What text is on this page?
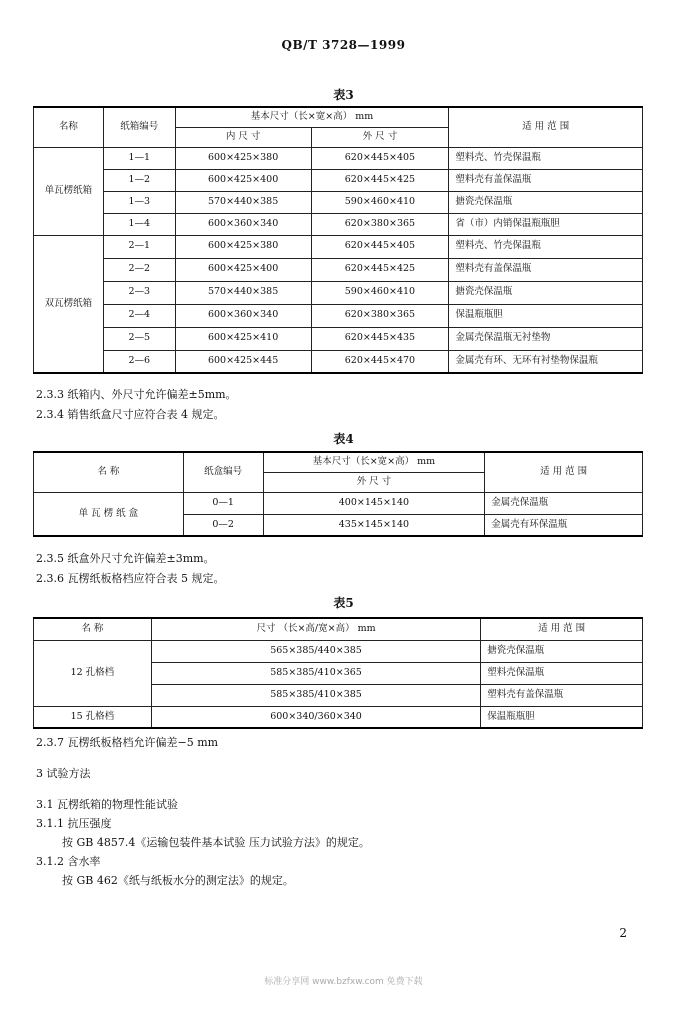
QB/T 3728—1999
表3
名称	纸箱编号	基本尺寸（长×宽×高） mm		适 用 范 围
		内 尺 寸	外 尺 寸	
单瓦楞纸箱	1—1	600×425×380	620×445×405	塑料壳、竹壳保温瓶
	1—2	600×425×400	620×445×425	塑料壳有盖保温瓶
	1—3	570×440×385	590×460×410	搪瓷壳保温瓶
	1—4	600×360×340	620×380×365	省（市）内销保温瓶瓶胆
双瓦楞纸箱	2—1	600×425×380	620×445×405	塑料壳、竹壳保温瓶
	2—2	600×425×400	620×445×425	塑料壳有盖保温瓶
	2—3	570×440×385	590×460×410	搪瓷壳保温瓶
	2—4	600×360×340	620×380×365	保温瓶瓶胆
	2—5	600×425×410	620×445×435	金属壳保温瓶无衬垫物
	2—6	600×425×445	620×445×470	金属壳有环、无环有衬垫物保温瓶
2.3.3 纸箱内、外尺寸允许偏差±5mm。
2.3.4 销售纸盒尺寸应符合表 4 规定。
表4
名 称	纸盒编号	基本尺寸（长×宽×高） mm	适 用 范 围
		外 尺 寸	
单 瓦 楞 纸 盒	0—1	400×145×140	金属壳保温瓶
	0—2	435×145×140	金属壳有环保温瓶
2.3.5 纸盒外尺寸允许偏差±3mm。
2.3.6 瓦楞纸板格档应符合表 5 规定。
表5
名 称	尺寸 （长×高/宽×高） mm	适 用 范 围
12 孔格档	565×385/440×385	搪瓷壳保温瓶
	585×385/410×365	塑料壳保温瓶
	585×385/410×385	塑料壳有盖保温瓶
15 孔格档	600×340/360×340	保温瓶瓶胆
2.3.7 瓦楞纸板格档允许偏差−5 mm
3 试验方法
3.1 瓦楞纸箱的物理性能试验
3.1.1 抗压强度
按 GB 4857.4《运输包装件基本试验 压力试验方法》的规定。
3.1.2 含水率
按 GB 462《纸与纸板水分的测定法》的规定。
2
标准分享网 www.bzfxw.com 免费下载
